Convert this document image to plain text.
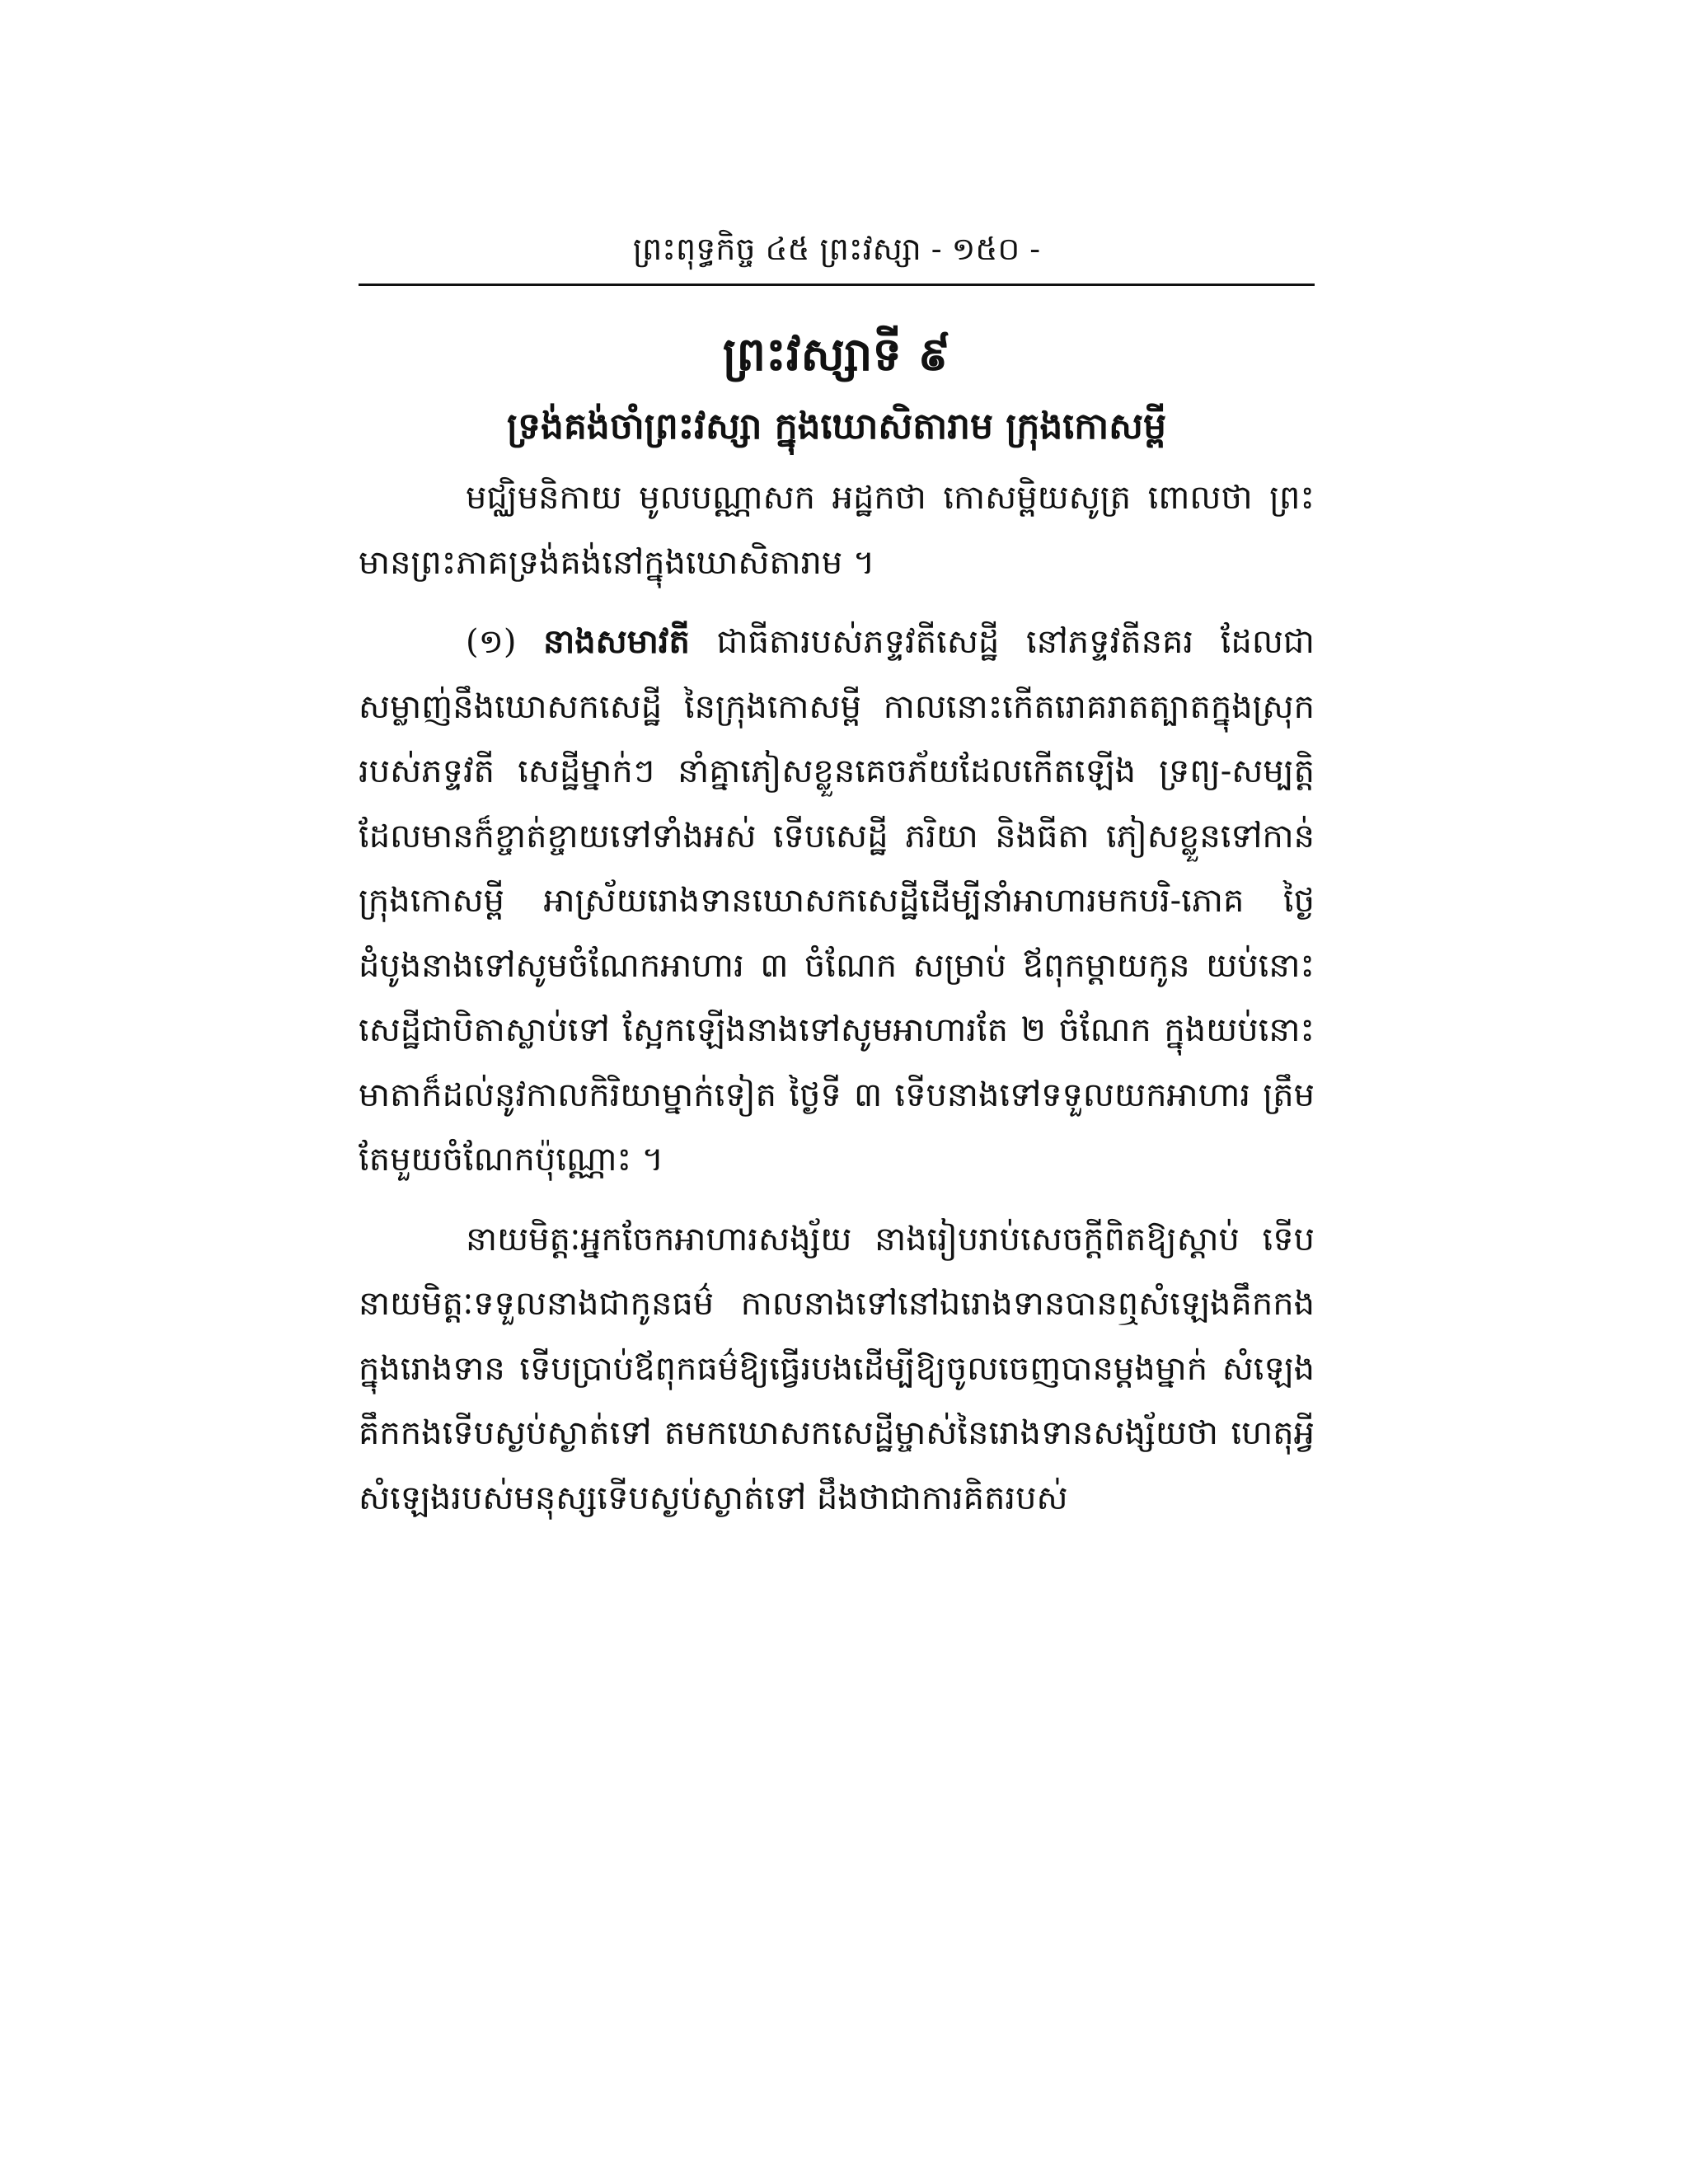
ព្រះពុទ្ធកិច្ច ៤៥ ព្រះវស្សា - ១៥០ -
ព្រះវស្សាទី ៩
ទ្រង់គង់ចាំព្រះវស្សា ក្នុងឃោសិតារាម ក្រុងកោសម្ពី

មជ្ឈិមនិកាយ មូលបណ្ណាសក អដ្ឋកថា កោសម្ពិយសូត្រ ពោលថា ព្រះមានព្រះភាគទ្រង់គង់នៅក្នុងឃោសិតារាម ។

(១) នាងសមាវតី ជាធីតារបស់ភទ្ទវតីសេដ្ឋី នៅភទ្ទវតីនគរ ដែលជាសម្លាញ់នឹងឃោសកសេដ្ឋី នៃក្រុងកោសម្ពី កាលនោះកើតរោគរាតត្បាតក្នុងស្រុករបស់ភទ្ទវតី សេដ្ឋីម្នាក់ៗ នាំគ្នាភៀសខ្លួនគេចភ័យដែលកើតឡើង ទ្រព្យ-សម្បត្តិដែលមានក៏ខ្ចាត់ខ្ចាយទៅទាំងអស់ ទើបសេដ្ឋី ភរិយា និងធីតា ភៀសខ្លួនទៅកាន់ក្រុងកោសម្ពី អាស្រ័យរោងទានឃោសកសេដ្ឋីដើម្បីនាំអាហារមកបរិ-ភោគ ថ្ងៃដំបូងនាងទៅសូមចំណែកអាហារ ៣ ចំណែក សម្រាប់ ឪពុកម្តាយកូន យប់នោះសេដ្ឋីជាបិតាស្លាប់ទៅ ស្អែកឡើងនាងទៅសូមអាហារតែ ២ ចំណែក ក្នុងយប់នោះមាតាក៏ដល់នូវកាលកិរិយាម្នាក់ទៀត ថ្ងៃទី ៣ ទើបនាងទៅទទួលយកអាហារ ត្រឹមតែមួយចំណែកប៉ុណ្ណោះ ។

នាយមិត្តៈអ្នកចែកអាហារសង្ស័យ នាងរៀបរាប់សេចក្តីពិតឱ្យស្តាប់ ទើបនាយមិត្តៈទទួលនាងជាកូនធម៌ កាលនាងទៅនៅឯរោងទានបានឮសំឡេងគឹកកងក្នុងរោងទាន ទើបប្រាប់ឪពុកធម៌ឱ្យធ្វើរបងដើម្បីឱ្យចូលចេញបានម្តងម្នាក់ សំឡេងគឹកកងទើបស្ងប់ស្ងាត់ទៅ តមកឃោសកសេដ្ឋីម្ចាស់នៃរោងទានសង្ស័យថា ហេតុអ្វីសំឡេងរបស់មនុស្សទើបស្ងប់ស្ងាត់ទៅ ដឹងថាជាការគិតរបស់
